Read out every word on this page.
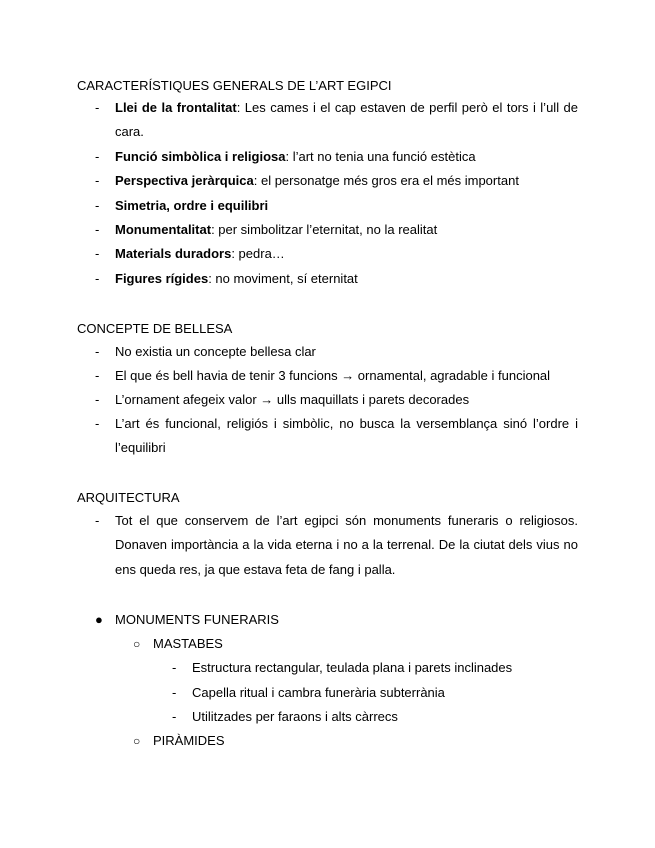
CARACTERÍSTIQUES GENERALS DE L’ART EGIPCI
- Llei de la frontalitat: Les cames i el cap estaven de perfil però el tors i l’ull de cara.
- Funció simbòlica i religiosa: l’art no tenia una funció estètica
- Perspectiva jeràrquica: el personatge més gros era el més important
- Simetria, ordre i equilibri
- Monumentalitat: per simbolitzar l’eternitat, no la realitat
- Materials duradors: pedra…
- Figures rígides: no moviment, sí eternitat
CONCEPTE DE BELLESA
- No existia un concepte bellesa clar
- El que és bell havia de tenir 3 funcions → ornamental, agradable i funcional
- L’ornament afegeix valor → ulls maquillats i parets decorades
- L’art és funcional, religiós i simbòlic, no busca la versemblança sinó l’ordre i l’equilibri
ARQUITECTURA
- Tot el que conservem de l’art egipci són monuments funeraris o religiosos. Donaven importància a la vida eterna i no a la terrenal. De la ciutat dels vius no ens queda res, ja que estava feta de fang i palla.
● MONUMENTS FUNERARIS
○ MASTABES
- Estructura rectangular, teulada plana i parets inclinades
- Capella ritual i cambra funerària subterrània
- Utilitzades per faraons i alts càrrecs
○ PIRÀMIDES
